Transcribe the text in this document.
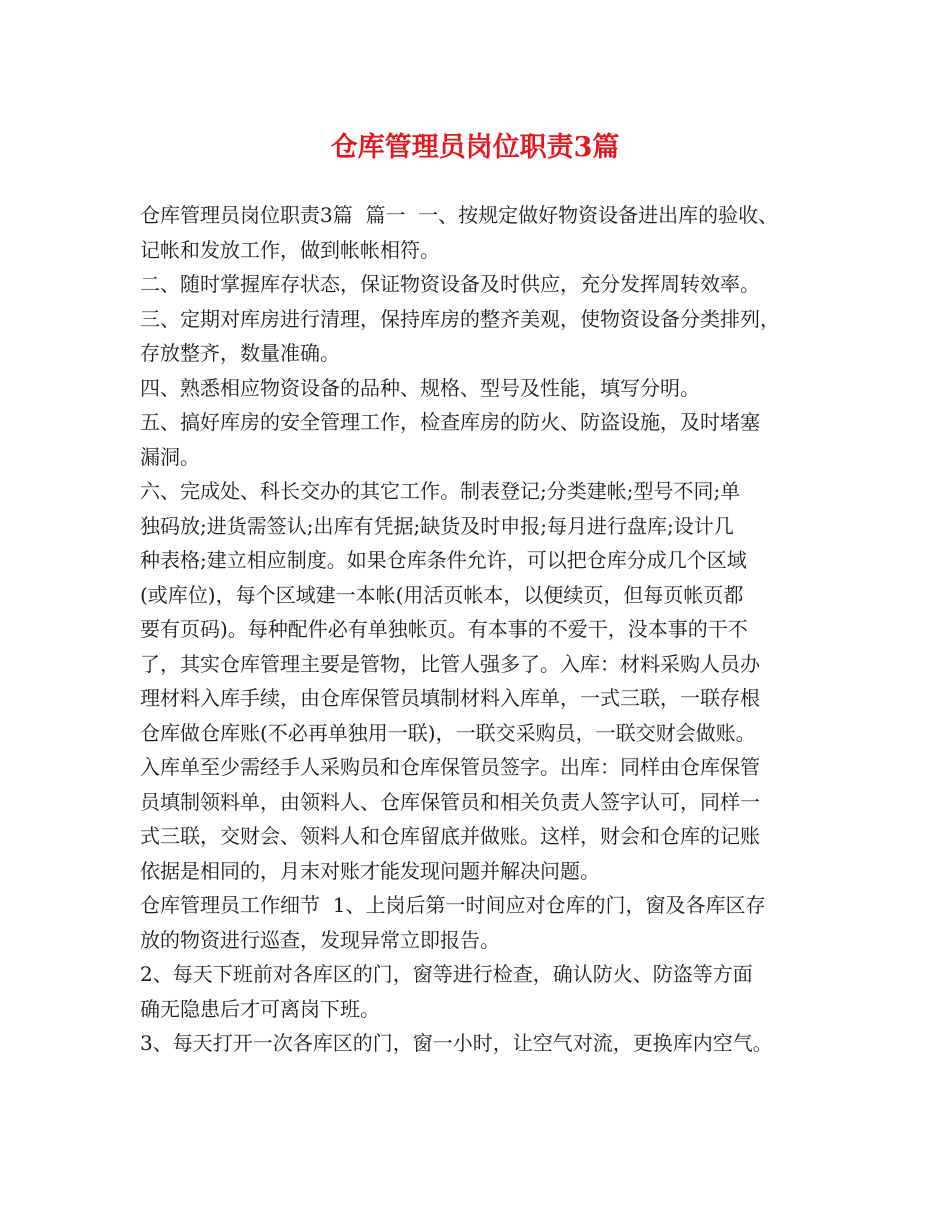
仓库管理员岗位职责3篇
仓库管理员岗位职责3篇  篇一  一、按规定做好物资设备进出库的验收、
记帐和发放工作，做到帐帐相符。
二、随时掌握库存状态，保证物资设备及时供应，充分发挥周转效率。
三、定期对库房进行清理，保持库房的整齐美观，使物资设备分类排列，
存放整齐，数量准确。
四、熟悉相应物资设备的品种、规格、型号及性能，填写分明。
五、搞好库房的安全管理工作，检查库房的防火、防盗设施，及时堵塞
漏洞。
六、完成处、科长交办的其它工作。制表登记;分类建帐;型号不同;单
独码放;进货需签认;出库有凭据;缺货及时申报;每月进行盘库;设计几
种表格;建立相应制度。如果仓库条件允许，可以把仓库分成几个区域
(或库位)，每个区域建一本帐(用活页帐本，以便续页，但每页帐页都
要有页码)。每种配件必有单独帐页。有本事的不爱干，没本事的干不
了，其实仓库管理主要是管物，比管人强多了。入库：材料采购人员办
理材料入库手续，由仓库保管员填制材料入库单，一式三联，一联存根
仓库做仓库账(不必再单独用一联)，一联交采购员，一联交财会做账。
入库单至少需经手人采购员和仓库保管员签字。出库：同样由仓库保管
员填制领料单，由领料人、仓库保管员和相关负责人签字认可，同样一
式三联，交财会、领料人和仓库留底并做账。这样，财会和仓库的记账
依据是相同的，月末对账才能发现问题并解决问题。
仓库管理员工作细节  1、上岗后第一时间应对仓库的门，窗及各库区存
放的物资进行巡查，发现异常立即报告。
2、每天下班前对各库区的门，窗等进行检查，确认防火、防盗等方面
确无隐患后才可离岗下班。
3、每天打开一次各库区的门，窗一小时，让空气对流，更换库内空气。
